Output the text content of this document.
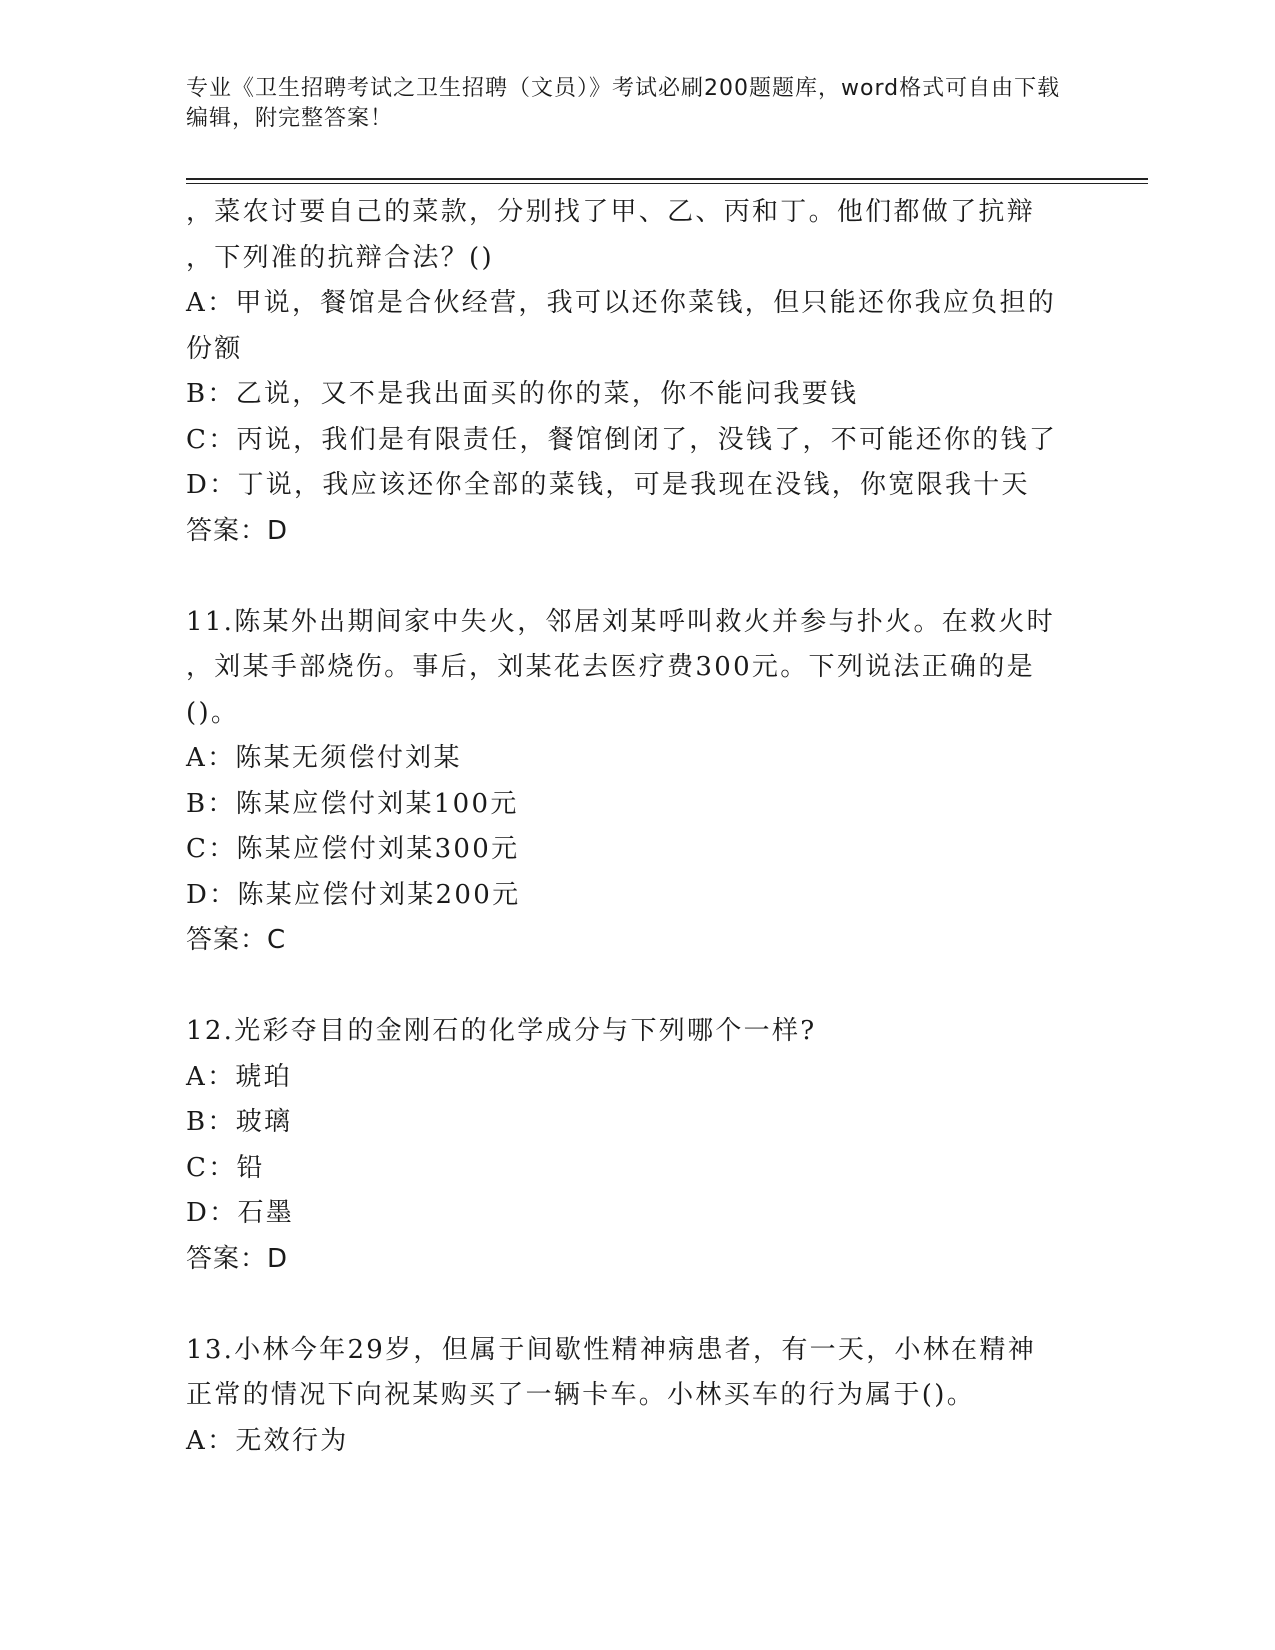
专业《卫生招聘考试之卫生招聘（文员）》考试必刷200题题库，word格式可自由下载编辑，附完整答案！

，菜农讨要自己的菜款，分别找了甲、乙、丙和丁。他们都做了抗辩

，下列准的抗辩合法？()

A：甲说，餐馆是合伙经营，我可以还你菜钱，但只能还你我应负担的

份额

B：乙说，又不是我出面买的你的菜，你不能问我要钱

C：丙说，我们是有限责任，餐馆倒闭了，没钱了，不可能还你的钱了

D：丁说，我应该还你全部的菜钱，可是我现在没钱，你宽限我十天

答案：D

11.陈某外出期间家中失火，邻居刘某呼叫救火并参与扑火。在救火时

，刘某手部烧伤。事后，刘某花去医疗费300元。下列说法正确的是

()。

A：陈某无须偿付刘某

B：陈某应偿付刘某100元

C：陈某应偿付刘某300元

D：陈某应偿付刘某200元

答案：C

12.光彩夺目的金刚石的化学成分与下列哪个一样?

A：琥珀

B：玻璃

C：铅

D：石墨

答案：D

13.小林今年29岁，但属于间歇性精神病患者，有一天，小林在精神

正常的情况下向祝某购买了一辆卡车。小林买车的行为属于()。

A：无效行为
